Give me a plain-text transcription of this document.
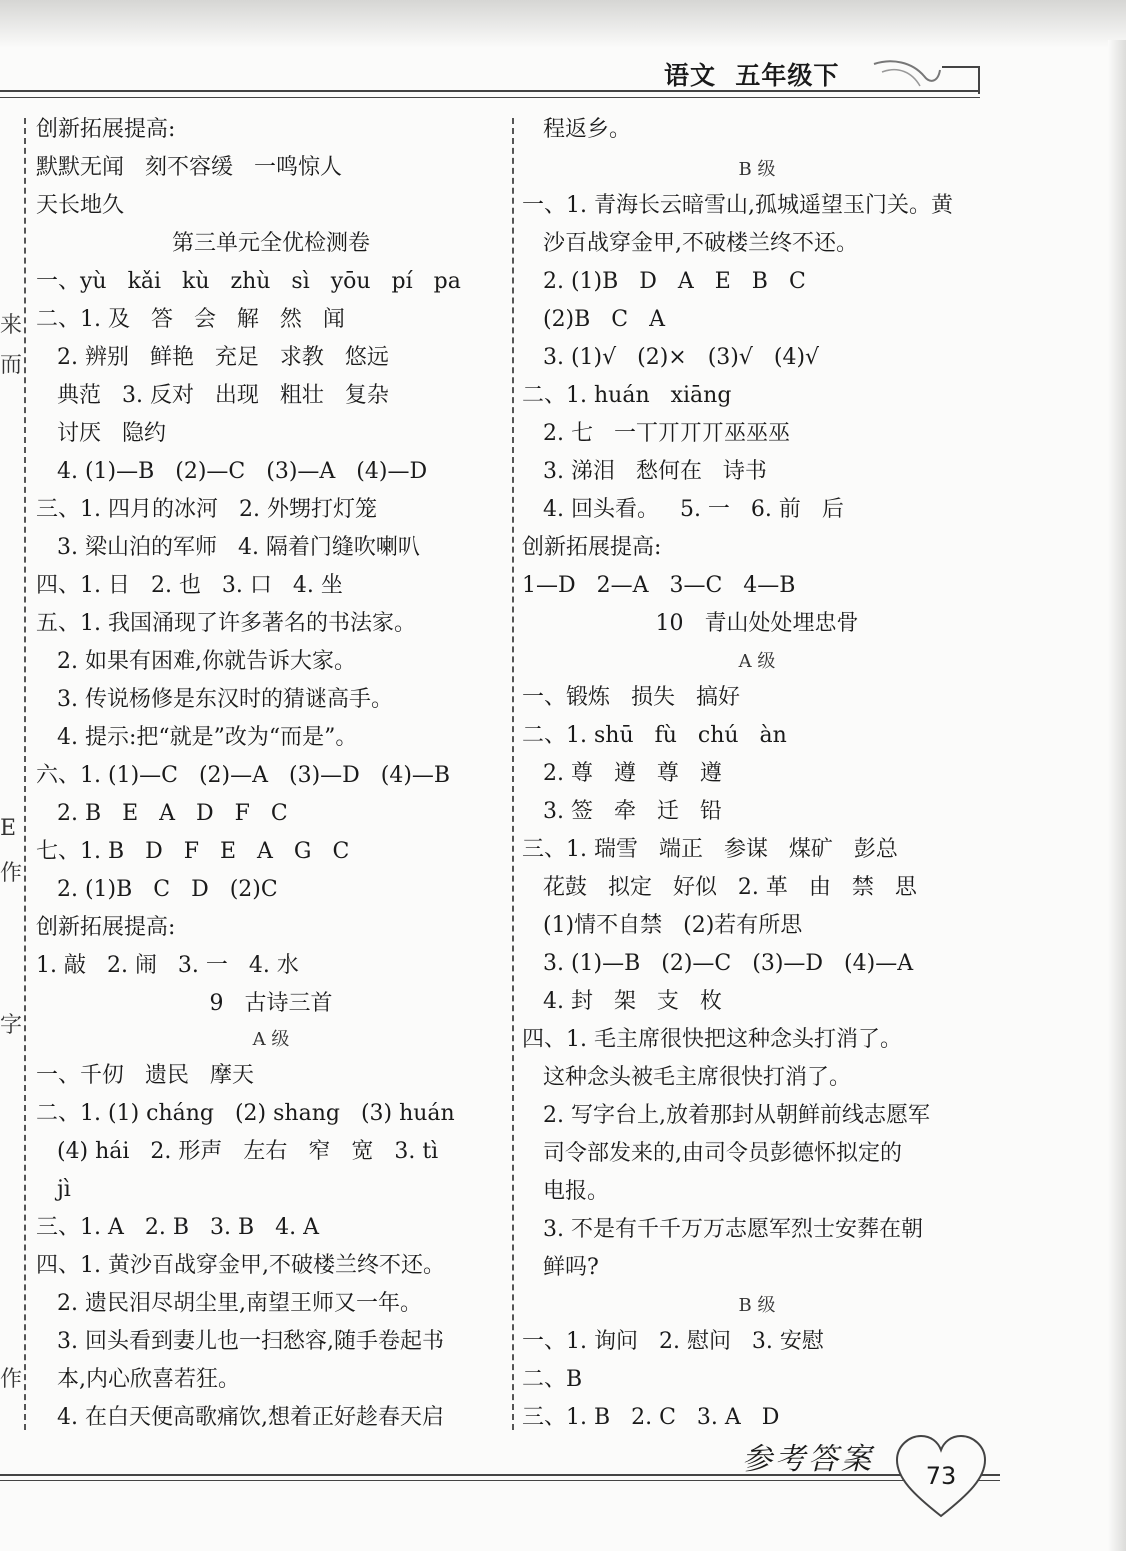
语文  五年级下
来
而
E
作
字
作
创新拓展提高:
默默无闻   刻不容缓   一鸣惊人
天长地久
第三单元全优检测卷
一、yù   kǎi   kù   zhù   sì   yōu   pí   pa
二、1. 及   答   会   解   然   闻
2. 辨别   鲜艳   充足   求教   悠远
典范   3. 反对   出现   粗壮   复杂
讨厌   隐约
4. (1)—B   (2)—C   (3)—A   (4)—D
三、1. 四月的冰河   2. 外甥打灯笼
3. 梁山泊的军师   4. 隔着门缝吹喇叭
四、1. 日   2. 也   3. 口   4. 坐
五、1. 我国涌现了许多著名的书法家。
2. 如果有困难,你就告诉大家。
3. 传说杨修是东汉时的猜谜高手。
4. 提示:把“就是”改为“而是”。
六、1. (1)—C   (2)—A   (3)—D   (4)—B
2. B   E   A   D   F   C
七、1. B   D   F   E   A   G   C
2. (1)B   C   D   (2)C
创新拓展提高:
1. 敲   2. 闹   3. 一   4. 水
9   古诗三首
A 级
一、千仞   遗民   摩天
二、1. (1) cháng   (2) shang   (3) huán
(4) hái   2. 形声   左右   窄   宽   3. tì
jì
三、1. A   2. B   3. B   4. A
四、1. 黄沙百战穿金甲,不破楼兰终不还。
2. 遗民泪尽胡尘里,南望王师又一年。
3. 回头看到妻儿也一扫愁容,随手卷起书
本,内心欣喜若狂。
4. 在白天便高歌痛饮,想着正好趁春天启
程返乡。
B 级
一、1. 青海长云暗雪山,孤城遥望玉门关。黄
沙百战穿金甲,不破楼兰终不还。
2. (1)B   D   A   E   B   C
(2)B   C   A
3. (1)√   (2)×   (3)√   (4)√
二、1. huán   xiāng
2. 七   一丅丌丌丌巫巫巫
3. 涕泪   愁何在   诗书
4. 回头看。   5. 一   6. 前   后
创新拓展提高:
1—D   2—A   3—C   4—B
10   青山处处埋忠骨
A 级
一、锻炼   损失   搞好
二、1. shū   fù   chú   àn
2. 尊   遵   尊   遵
3. 签   牵   迁   铅
三、1. 瑞雪   端正   参谋   煤矿   彭总
花鼓   拟定   好似   2. 革   由   禁   思
(1)情不自禁   (2)若有所思
3. (1)—B   (2)—C   (3)—D   (4)—A
4. 封   架   支   枚
四、1. 毛主席很快把这种念头打消了。
这种念头被毛主席很快打消了。
2. 写字台上,放着那封从朝鲜前线志愿军
司令部发来的,由司令员彭德怀拟定的
电报。
3. 不是有千千万万志愿军烈士安葬在朝
鲜吗?
B 级
一、1. 询问   2. 慰问   3. 安慰
二、B
三、1. B   2. C   3. A   D
参考答案	73
